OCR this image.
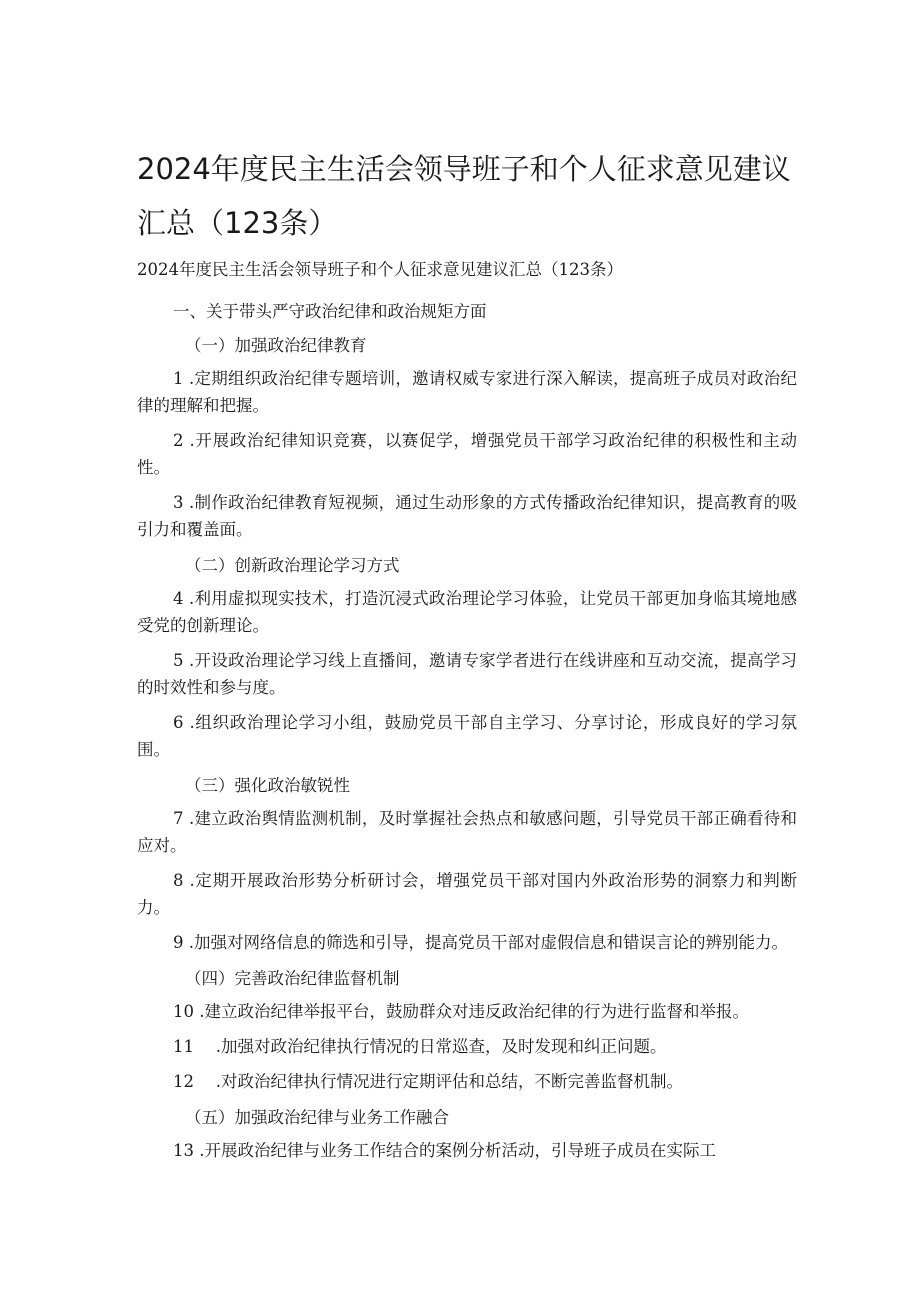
2024年度民主生活会领导班子和个人征求意见建议
汇总（123条）

2024年度民主生活会领导班子和个人征求意见建议汇总（123条）

一、关于带头严守政治纪律和政治规矩方面

（一）加强政治纪律教育

1 .定期组织政治纪律专题培训，邀请权威专家进行深入解读，提高班子成员对政治纪律的理解和把握。

2 .开展政治纪律知识竞赛，以赛促学，增强党员干部学习政治纪律的积极性和主动性。

3 .制作政治纪律教育短视频，通过生动形象的方式传播政治纪律知识，提高教育的吸引力和覆盖面。

（二）创新政治理论学习方式

4 .利用虚拟现实技术，打造沉浸式政治理论学习体验，让党员干部更加身临其境地感受党的创新理论。

5 .开设政治理论学习线上直播间，邀请专家学者进行在线讲座和互动交流，提高学习的时效性和参与度。

6 .组织政治理论学习小组，鼓励党员干部自主学习、分享讨论，形成良好的学习氛围。

（三）强化政治敏锐性

7 .建立政治舆情监测机制，及时掌握社会热点和敏感问题，引导党员干部正确看待和应对。

8 .定期开展政治形势分析研讨会，增强党员干部对国内外政治形势的洞察力和判断力。

9 .加强对网络信息的筛选和引导，提高党员干部对虚假信息和错误言论的辨别能力。

（四）完善政治纪律监督机制

10 .建立政治纪律举报平台，鼓励群众对违反政治纪律的行为进行监督和举报。

11　 .加强对政治纪律执行情况的日常巡查，及时发现和纠正问题。

12　 .对政治纪律执行情况进行定期评估和总结，不断完善监督机制。

（五）加强政治纪律与业务工作融合

13 .开展政治纪律与业务工作结合的案例分析活动，引导班子成员在实际工
